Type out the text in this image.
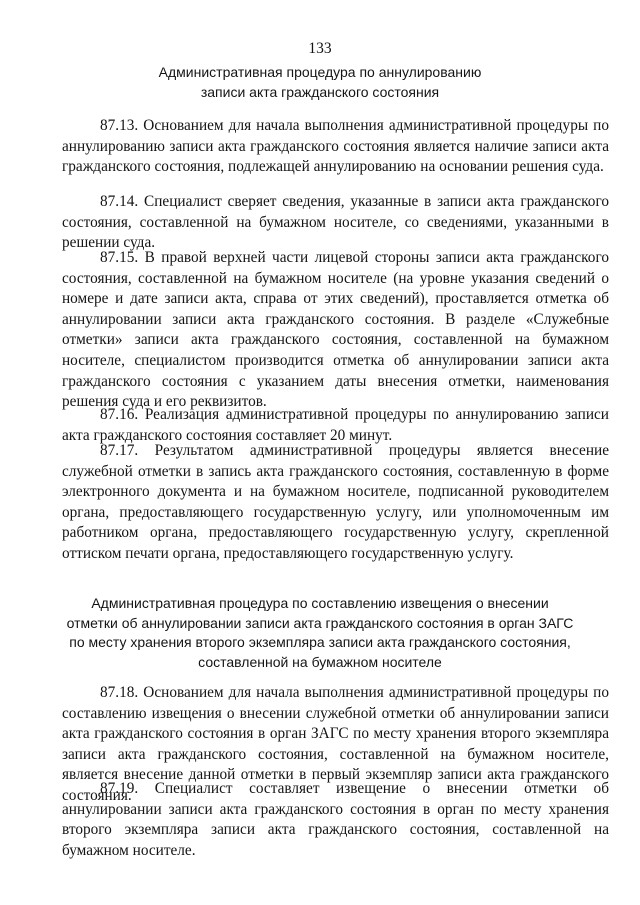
133
Административная процедура по аннулированию
записи акта гражданского состояния

87.13. Основанием для начала выполнения административной процедуры по аннулированию записи акта гражданского состояния является наличие записи акта гражданского состояния, подлежащей аннулированию на основании решения суда.

87.14. Специалист сверяет сведения, указанные в записи акта гражданского состояния, составленной на бумажном носителе, со сведениями, указанными в решении суда.

87.15. В правой верхней части лицевой стороны записи акта гражданского состояния, составленной на бумажном носителе (на уровне указания сведений о номере и дате записи акта, справа от этих сведений), проставляется отметка об аннулировании записи акта гражданского состояния. В разделе «Служебные отметки» записи акта гражданского состояния, составленной на бумажном носителе, специалистом производится отметка об аннулировании записи акта гражданского состояния с указанием даты внесения отметки, наименования решения суда и его реквизитов.

87.16. Реализация административной процедуры по аннулированию записи акта гражданского состояния составляет 20 минут.

87.17. Результатом административной процедуры является внесение служебной отметки в запись акта гражданского состояния, составленную в форме электронного документа и на бумажном носителе, подписанной руководителем органа, предоставляющего государственную услугу, или уполномоченным им работником органа, предоставляющего государственную услугу, скрепленной оттиском печати органа, предоставляющего государственную услугу.

Административная процедура по составлению извещения о внесении
отметки об аннулировании записи акта гражданского состояния в орган ЗАГС
по месту хранения второго экземпляра записи акта гражданского состояния,
составленной на бумажном носителе

87.18. Основанием для начала выполнения административной процедуры по составлению извещения о внесении служебной отметки об аннулировании записи акта гражданского состояния в орган ЗАГС по месту хранения второго экземпляра записи акта гражданского состояния, составленной на бумажном носителе, является внесение данной отметки в первый экземпляр записи акта гражданского состояния.

87.19. Специалист составляет извещение о внесении отметки об аннулировании записи акта гражданского состояния в орган по месту хранения второго экземпляра записи акта гражданского состояния, составленной на бумажном носителе.
